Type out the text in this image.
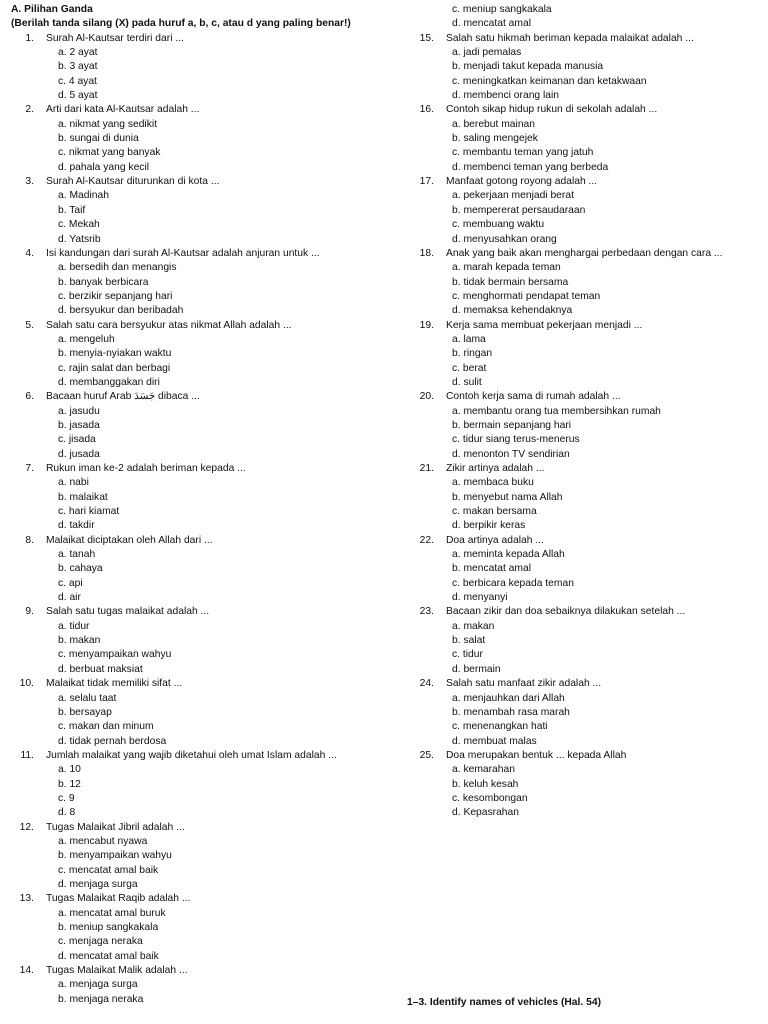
A. Pilihan Ganda
(Berilah tanda silang (X) pada huruf a, b, c, atau d yang paling benar!)
1. Surah Al-Kautsar terdiri dari ...
a. 2 ayat
b. 3 ayat
c. 4 ayat
d. 5 ayat
2. Arti dari kata Al-Kautsar adalah ...
a. nikmat yang sedikit
b. sungai di dunia
c. nikmat yang banyak
d. pahala yang kecil
3. Surah Al-Kautsar diturunkan di kota ...
a. Madinah
b. Taif
c. Mekah
d. Yatsrib
4. Isi kandungan dari surah Al-Kautsar adalah anjuran untuk ...
a. bersedih dan menangis
b. banyak berbicara
c. berzikir sepanjang hari
d. bersyukur dan beribadah
5. Salah satu cara bersyukur atas nikmat Allah adalah ...
a. mengeluh
b. menyia-nyiakan waktu
c. rajin salat dan berbagi
d. membanggakan diri
6. Bacaan huruf Arab جَسَدَ dibaca ...
a. jasudu
b. jasada
c. jisada
d. jusada
7. Rukun iman ke-2 adalah beriman kepada ...
a. nabi
b. malaikat
c. hari kiamat
d. takdir
8. Malaikat diciptakan oleh Allah dari ...
a. tanah
b. cahaya
c. api
d. air
9. Salah satu tugas malaikat adalah ...
a. tidur
b. makan
c. menyampaikan wahyu
d. berbuat maksiat
10. Malaikat tidak memiliki sifat ...
a. selalu taat
b. bersayap
c. makan dan minum
d. tidak pernah berdosa
11. Jumlah malaikat yang wajib diketahui oleh umat Islam adalah ...
a. 10
b. 12
c. 9
d. 8
12. Tugas Malaikat Jibril adalah ...
a. mencabut nyawa
b. menyampaikan wahyu
c. mencatat amal baik
d. menjaga surga
13. Tugas Malaikat Raqib adalah ...
a. mencatat amal buruk
b. meniup sangkakala
c. menjaga neraka
d. mencatat amal baik
14. Tugas Malaikat Malik adalah ...
a. menjaga surga
b. menjaga neraka
c. meniup sangkakala
d. mencatat amal
15. Salah satu hikmah beriman kepada malaikat adalah ...
a. jadi pemalas
b. menjadi takut kepada manusia
c. meningkatkan keimanan dan ketakwaan
d. membenci orang lain
16. Contoh sikap hidup rukun di sekolah adalah ...
a. berebut mainan
b. saling mengejek
c. membantu teman yang jatuh
d. membenci teman yang berbeda
17. Manfaat gotong royong adalah ...
a. pekerjaan menjadi berat
b. mempererat persaudaraan
c. membuang waktu
d. menyusahkan orang
18. Anak yang baik akan menghargai perbedaan dengan cara ...
a. marah kepada teman
b. tidak bermain bersama
c. menghormati pendapat teman
d. memaksa kehendaknya
19. Kerja sama membuat pekerjaan menjadi ...
a. lama
b. ringan
c. berat
d. sulit
20. Contoh kerja sama di rumah adalah ...
a. membantu orang tua membersihkan rumah
b. bermain sepanjang hari
c. tidur siang terus-menerus
d. menonton TV sendirian
21. Zikir artinya adalah ...
a. membaca buku
b. menyebut nama Allah
c. makan bersama
d. berpikir keras
22. Doa artinya adalah ...
a. meminta kepada Allah
b. mencatat amal
c. berbicara kepada teman
d. menyanyi
23. Bacaan zikir dan doa sebaiknya dilakukan setelah ...
a. makan
b. salat
c. tidur
d. bermain
24. Salah satu manfaat zikir adalah ...
a. menjauhkan dari Allah
b. menambah rasa marah
c. menenangkan hati
d. membuat malas
25. Doa merupakan bentuk ... kepada Allah
a. kemarahan
b. keluh kesah
c. kesombongan
d. Kepasrahan
1–3. Identify names of vehicles (Hal. 54)
